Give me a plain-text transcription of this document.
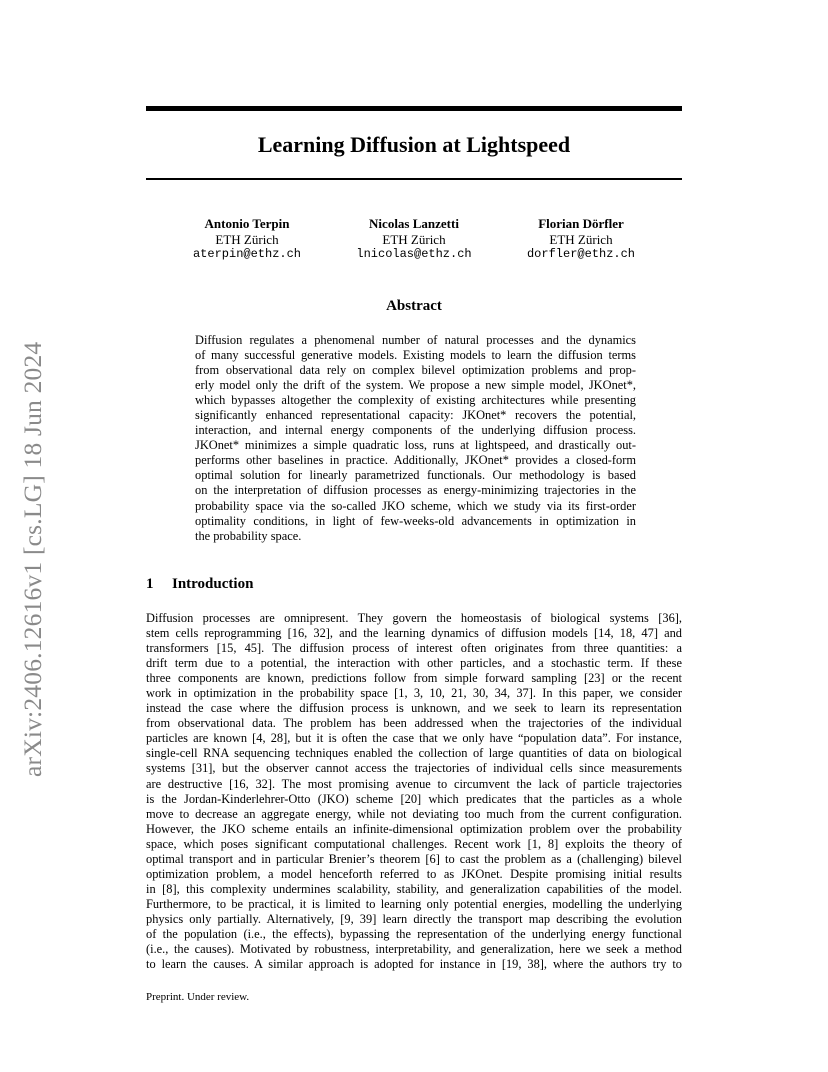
arXiv:2406.12616v1 [cs.LG] 18 Jun 2024
Learning Diffusion at Lightspeed
Antonio Terpin
ETH Zürich
aterpin@ethz.ch
Nicolas Lanzetti
ETH Zürich
lnicolas@ethz.ch
Florian Dörfler
ETH Zürich
dorfler@ethz.ch
Abstract
Diffusion regulates a phenomenal number of natural processes and the dynamics
of many successful generative models. Existing models to learn the diffusion terms
from observational data rely on complex bilevel optimization problems and prop-
erly model only the drift of the system. We propose a new simple model, JKOnet*,
which bypasses altogether the complexity of existing architectures while presenting
significantly enhanced representational capacity: JKOnet* recovers the potential,
interaction, and internal energy components of the underlying diffusion process.
JKOnet* minimizes a simple quadratic loss, runs at lightspeed, and drastically out-
performs other baselines in practice. Additionally, JKOnet* provides a closed-form
optimal solution for linearly parametrized functionals. Our methodology is based
on the interpretation of diffusion processes as energy-minimizing trajectories in the
probability space via the so-called JKO scheme, which we study via its first-order
optimality conditions, in light of few-weeks-old advancements in optimization in
the probability space.
1 Introduction
Diffusion processes are omnipresent. They govern the homeostasis of biological systems [36],
stem cells reprogramming [16, 32], and the learning dynamics of diffusion models [14, 18, 47] and
transformers [15, 45]. The diffusion process of interest often originates from three quantities: a
drift term due to a potential, the interaction with other particles, and a stochastic term. If these
three components are known, predictions follow from simple forward sampling [23] or the recent
work in optimization in the probability space [1, 3, 10, 21, 30, 34, 37]. In this paper, we consider
instead the case where the diffusion process is unknown, and we seek to learn its representation
from observational data. The problem has been addressed when the trajectories of the individual
particles are known [4, 28], but it is often the case that we only have “population data”. For instance,
single-cell RNA sequencing techniques enabled the collection of large quantities of data on biological
systems [31], but the observer cannot access the trajectories of individual cells since measurements
are destructive [16, 32]. The most promising avenue to circumvent the lack of particle trajectories
is the Jordan-Kinderlehrer-Otto (JKO) scheme [20] which predicates that the particles as a whole
move to decrease an aggregate energy, while not deviating too much from the current configuration.
However, the JKO scheme entails an infinite-dimensional optimization problem over the probability
space, which poses significant computational challenges. Recent work [1, 8] exploits the theory of
optimal transport and in particular Brenier’s theorem [6] to cast the problem as a (challenging) bilevel
optimization problem, a model henceforth referred to as JKOnet. Despite promising initial results
in [8], this complexity undermines scalability, stability, and generalization capabilities of the model.
Furthermore, to be practical, it is limited to learning only potential energies, modelling the underlying
physics only partially. Alternatively, [9, 39] learn directly the transport map describing the evolution
of the population (i.e., the effects), bypassing the representation of the underlying energy functional
(i.e., the causes). Motivated by robustness, interpretability, and generalization, here we seek a method
to learn the causes. A similar approach is adopted for instance in [19, 38], where the authors try to
Preprint. Under review.
